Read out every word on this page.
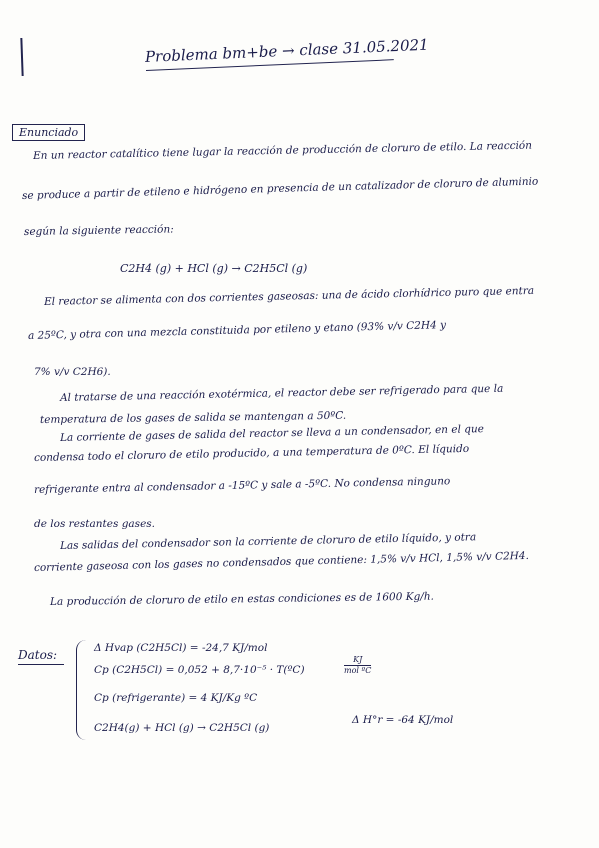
Problema bm+be → clase 31.05.2021
Enunciado
En un reactor catalítico tiene lugar la reacción de producción de cloruro de etilo. La reacción
se produce a partir de etileno e hidrógeno en presencia de un catalizador de cloruro de aluminio
según la siguiente reacción:
C2H4 (g) + HCl (g) → C2H5Cl (g)
El reactor se alimenta con dos corrientes gaseosas: una de ácido clorhídrico puro que entra
a 25ºC, y otra con una mezcla constituida por etileno y etano (93% v/v C2H4 y
7% v/v C2H6).
Al tratarse de una reacción exotérmica, el reactor debe ser refrigerado para que la
temperatura de los gases de salida se mantengan a 50ºC.
La corriente de gases de salida del reactor se lleva a un condensador, en el que
condensa todo el cloruro de etilo producido, a una temperatura de 0ºC. El líquido
refrigerante entra al condensador a -15ºC y sale a -5ºC. No condensa ninguno
de los restantes gases.
Las salidas del condensador son la corriente de cloruro de etilo líquido, y otra
corriente gaseosa con los gases no condensados que contiene: 1,5% v/v HCl, 1,5% v/v C2H4.
La producción de cloruro de etilo en estas condiciones es de 1600 Kg/h.
Datos:	Δ Hvap (C2H5Cl) = -24,7 KJ/mol
Cp (C2H5Cl) = 0,052 + 8,7·10⁻⁵ · T(ºC)
KJ
mol ºC
Cp (refrigerante) = 4 KJ/Kg ºC
C2H4(g) + HCl (g) → C2H5Cl (g)
Δ H°r = -64 KJ/mol
